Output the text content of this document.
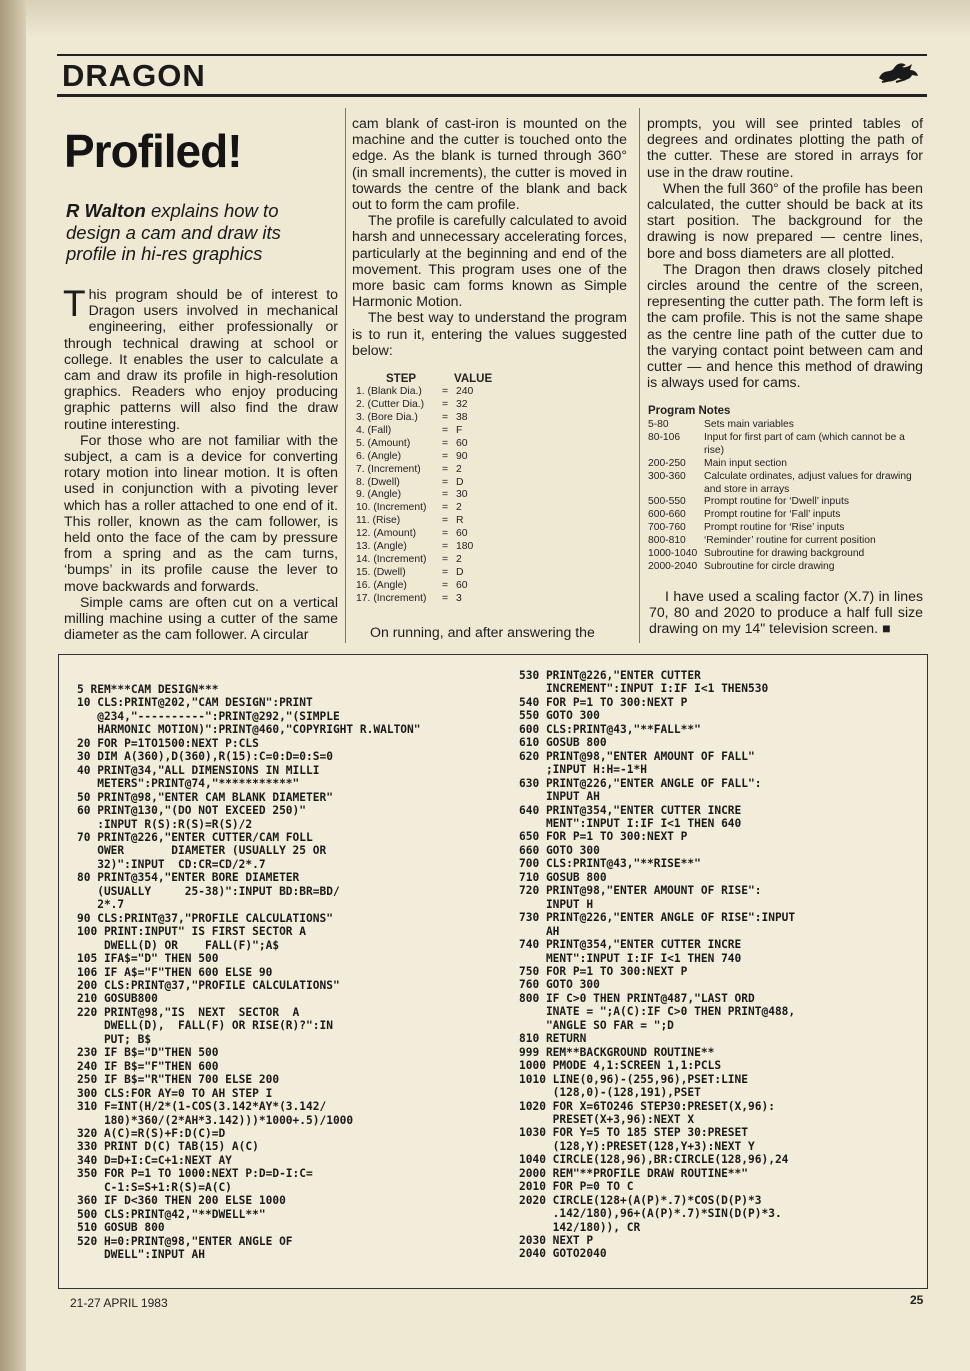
DRAGON
Profiled!
R Walton explains how to design a cam and draw its profile in hi-res graphics

This program should be of interest to Dragon users involved in mechanical engineering, either professionally or through technical drawing at school or college. It enables the user to calculate a cam and draw its profile in high-resolution graphics. Readers who enjoy producing graphic patterns will also find the draw routine interesting.

For those who are not familiar with the subject, a cam is a device for converting rotary motion into linear motion. It is often used in conjunction with a pivoting lever which has a roller attached to one end of it. This roller, known as the cam follower, is held onto the face of the cam by pressure from a spring and as the cam turns, ‘bumps’ in its profile cause the lever to move backwards and forwards.

Simple cams are often cut on a vertical milling machine using a cutter of the same diameter as the cam follower. A circular

cam blank of cast-iron is mounted on the machine and the cutter is touched onto the edge. As the blank is turned through 360° (in small increments), the cutter is moved in towards the centre of the blank and back out to form the cam profile.

The profile is carefully calculated to avoid harsh and unnecessary accelerating forces, particularly at the beginning and end of the movement. This program uses one of the more basic cam forms known as Simple Harmonic Motion.

The best way to understand the program is to run it, entering the values suggested below:

STEP	VALUE
1. (Blank Dia.) = 240
2. (Cutter Dia.) = 32
3. (Bore Dia.) = 38
4. (Fall)	= F
5. (Amount)	= 60
6. (Angle)	= 90
7. (Increment) = 2
8. (Dwell)	= D
9. (Angle)	= 30
10. (Increment) = 2
11. (Rise)	= R
12. (Amount) = 60
13. (Angle)	= 180
14. (Increment) = 2
15. (Dwell)	= D
16. (Angle)	= 60
17. (Increment) = 3

On running, and after answering the

prompts, you will see printed tables of degrees and ordinates plotting the path of the cutter. These are stored in arrays for use in the draw routine.

When the full 360° of the profile has been calculated, the cutter should be back at its start position. The background for the drawing is now prepared — centre lines, bore and boss diameters are all plotted.

The Dragon then draws closely pitched circles around the centre of the screen, representing the cutter path. The form left is the cam profile. This is not the same shape as the centre line path of the cutter due to the varying contact point between cam and cutter — and hence this method of drawing is always used for cams.

Program Notes
5-80	Sets main variables
80-106 Input for first part of cam (which cannot be a rise)
200-250 Main input section
300-360 Calculate ordinates, adjust values for drawing and store in arrays
500-550 Prompt routine for ‘Dwell’ inputs
600-660 Prompt routine for ‘Fall’ inputs
700-760 Prompt routine for ‘Rise’ inputs
800-810 ‘Reminder’ routine for current position
1000-1040 Subroutine for drawing background
2000-2040 Subroutine for circle drawing

I have used a scaling factor (X.7) in lines 70, 80 and 2020 to produce a half full size drawing on my 14" television screen. ■

5 REM***CAM DESIGN***
10 CLS:PRINT@202,"CAM DESIGN":PRINT
@234,"----------":PRINT@292,"(SIMPLE
HARMONIC MOTION)":PRINT@460,"COPYRIGHT R.WALTON"
20 FOR P=1TO1500:NEXT P:CLS
30 DIM A(360),D(360),R(15):C=0:D=0:S=0
40 PRINT@34,"ALL DIMENSIONS IN MILLI
METERS":PRINT@74,"***********"
50 PRINT@98,"ENTER CAM BLANK DIAMETER"
60 PRINT@130,"(DO NOT EXCEED 250)"
:INPUT R(S):R(S)=R(S)/2
70 PRINT@226,"ENTER CUTTER/CAM FOLL
OWER       DIAMETER (USUALLY 25 OR
32)":INPUT  CD:CR=CD/2*.7
80 PRINT@354,"ENTER BORE DIAMETER
(USUALLY     25-38)":INPUT BD:BR=BD/
2*.7
90 CLS:PRINT@37,"PROFILE CALCULATIONS"
100 PRINT:INPUT" IS FIRST SECTOR A
DWELL(D) OR    FALL(F)";A$
105 IFA$="D" THEN 500
106 IF A$="F"THEN 600 ELSE 90
200 CLS:PRINT@37,"PROFILE CALCULATIONS"
210 GOSUB800
220 PRINT@98,"IS  NEXT  SECTOR  A
DWELL(D),  FALL(F) OR RISE(R)?":IN
PUT; B$
230 IF B$="D"THEN 500
240 IF B$="F"THEN 600
250 IF B$="R"THEN 700 ELSE 200
300 CLS:FOR AY=0 TO AH STEP I
310 F=INT(H/2*(1-COS(3.142*AY*(3.142/
180)*360/(2*AH*3.142)))*1000+.5)/1000
320 A(C)=R(S)+F:D(C)=D
330 PRINT D(C) TAB(15) A(C)
340 D=D+I:C=C+1:NEXT AY
350 FOR P=1 TO 1000:NEXT P:D=D-I:C=
C-1:S=S+1:R(S)=A(C)
360 IF D<360 THEN 200 ELSE 1000
500 CLS:PRINT@42,"**DWELL**"
510 GOSUB 800
520 H=0:PRINT@98,"ENTER ANGLE OF
DWELL":INPUT AH
530 PRINT@226,"ENTER CUTTER
INCREMENT":INPUT I:IF I<1 THEN530
540 FOR P=1 TO 300:NEXT P
550 GOTO 300
600 CLS:PRINT@43,"**FALL**"
610 GOSUB 800
620 PRINT@98,"ENTER AMOUNT OF FALL"
;INPUT H:H=-1*H
630 PRINT@226,"ENTER ANGLE OF FALL":
INPUT AH
640 PRINT@354,"ENTER CUTTER INCRE
MENT":INPUT I:IF I<1 THEN 640
650 FOR P=1 TO 300:NEXT P
660 GOTO 300
700 CLS:PRINT@43,"**RISE**"
710 GOSUB 800
720 PRINT@98,"ENTER AMOUNT OF RISE":
INPUT H
730 PRINT@226,"ENTER ANGLE OF RISE":INPUT
AH
740 PRINT@354,"ENTER CUTTER INCRE
MENT":INPUT I:IF I<1 THEN 740
750 FOR P=1 TO 300:NEXT P
760 GOTO 300
800 IF C>0 THEN PRINT@487,"LAST ORD
INATE = ";A(C):IF C>0 THEN PRINT@488,
"ANGLE SO FAR = ";D
810 RETURN
999 REM**BACKGROUND ROUTINE**
1000 PMODE 4,1:SCREEN 1,1:PCLS
1010 LINE(0,96)-(255,96),PSET:LINE
(128,0)-(128,191),PSET
1020 FOR X=6TO246 STEP30:PRESET(X,96):
PRESET(X+3,96):NEXT X
1030 FOR Y=5 TO 185 STEP 30:PRESET
(128,Y):PRESET(128,Y+3):NEXT Y
1040 CIRCLE(128,96),BR:CIRCLE(128,96),24
2000 REM"**PROFILE DRAW ROUTINE**"
2010 FOR P=0 TO C
2020 CIRCLE(128+(A(P)*.7)*COS(D(P)*3
.142/180),96+(A(P)*.7)*SIN(D(P)*3.
142/180)), CR
2030 NEXT P
2040 GOTO2040
21-27 APRIL 1983	25
